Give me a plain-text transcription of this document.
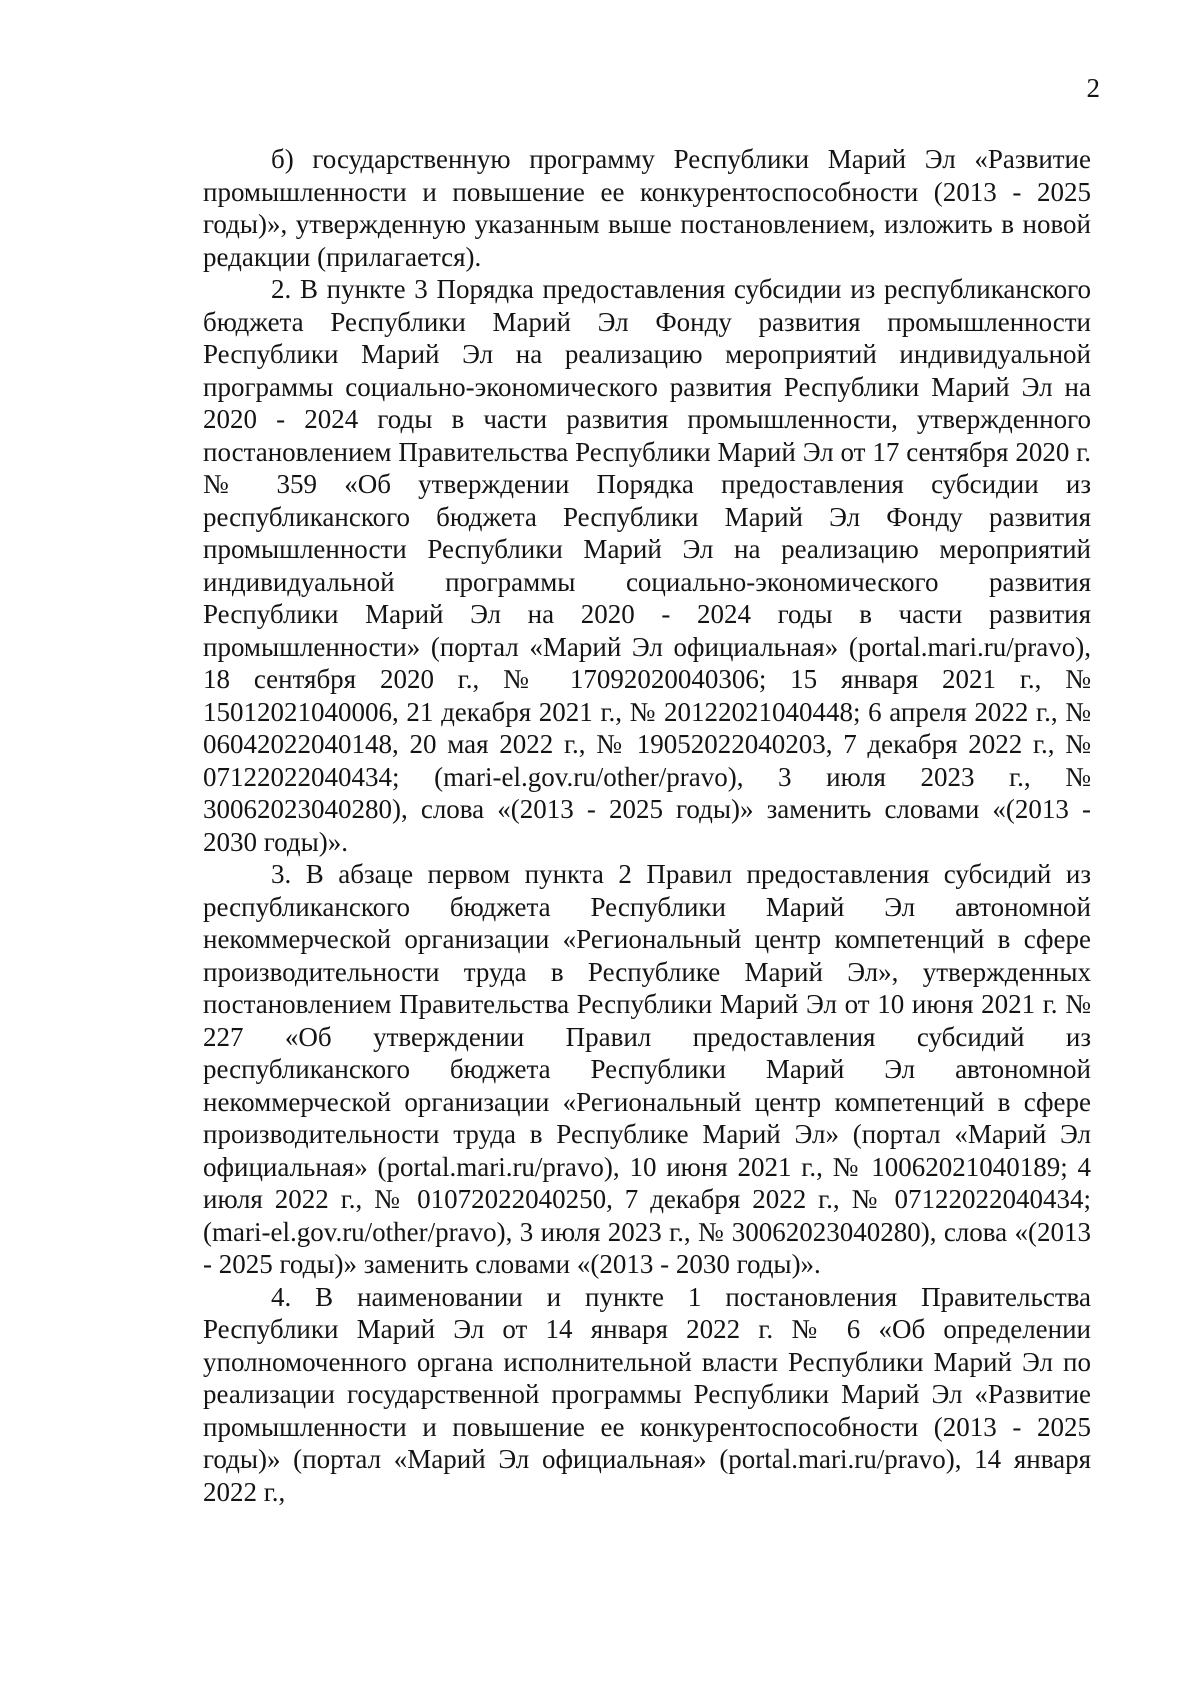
2

б) государственную программу Республики Марий Эл «Развитие промышленности и повышение ее конкурентоспособности (2013 - 2025 годы)», утвержденную указанным выше постановлением, изложить в новой редакции (прилагается).

2. В пункте 3 Порядка предоставления субсидии из республиканского бюджета Республики Марий Эл Фонду развития промышленности Республики Марий Эл на реализацию мероприятий индивидуальной программы социально-экономического развития Республики Марий Эл на 2020 - 2024 годы в части развития промышленности, утвержденного постановлением Правительства Республики Марий Эл от 17 сентября 2020 г. № 359 «Об утверждении Порядка предоставления субсидии из республиканского бюджета Республики Марий Эл Фонду развития промышленности Республики Марий Эл на реализацию мероприятий индивидуальной программы социально-экономического развития Республики Марий Эл на 2020 - 2024 годы в части развития промышленности» (портал «Марий Эл официальная» (portal.mari.ru/pravo), 18 сентября 2020 г., № 17092020040306; 15 января 2021 г., № 15012021040006, 21 декабря 2021 г., № 20122021040448; 6 апреля 2022 г., № 06042022040148, 20 мая 2022 г., № 19052022040203, 7 декабря 2022 г., № 07122022040434; (mari-el.gov.ru/other/pravo), 3 июля 2023 г., № 30062023040280), слова «(2013 - 2025 годы)» заменить словами «(2013 - 2030 годы)».

3. В абзаце первом пункта 2 Правил предоставления субсидий из республиканского бюджета Республики Марий Эл автономной некоммерческой организации «Региональный центр компетенций в сфере производительности труда в Республике Марий Эл», утвержденных постановлением Правительства Республики Марий Эл от 10 июня 2021 г. № 227 «Об утверждении Правил предоставления субсидий из республиканского бюджета Республики Марий Эл автономной некоммерческой организации «Региональный центр компетенций в сфере производительности труда в Республике Марий Эл» (портал «Марий Эл официальная» (portal.mari.ru/pravo), 10 июня 2021 г., № 10062021040189; 4 июля 2022 г., № 01072022040250, 7 декабря 2022 г., № 07122022040434; (mari-el.gov.ru/other/pravo), 3 июля 2023 г., № 30062023040280), слова «(2013 - 2025 годы)» заменить словами «(2013 - 2030 годы)».

4. В наименовании и пункте 1 постановления Правительства Республики Марий Эл от 14 января 2022 г. № 6 «Об определении уполномоченного органа исполнительной власти Республики Марий Эл по реализации государственной программы Республики Марий Эл «Развитие промышленности и повышение ее конкурентоспособности (2013 - 2025 годы)» (портал «Марий Эл официальная» (portal.mari.ru/pravo), 14 января 2022 г.,
